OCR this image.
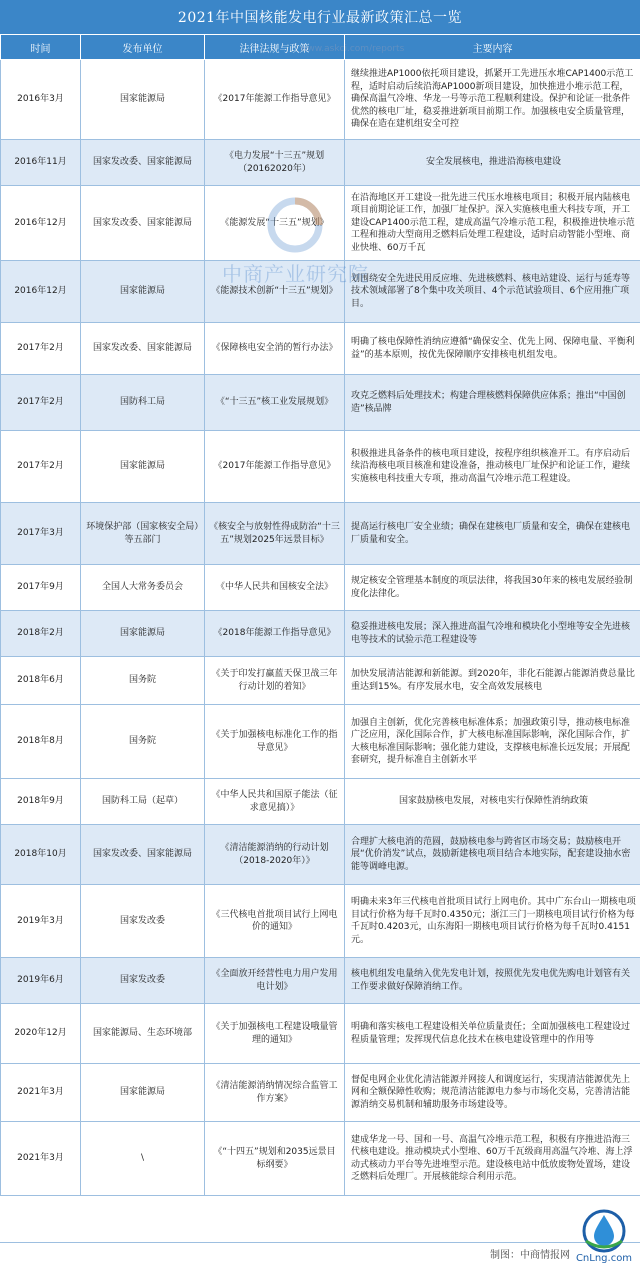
2021年中国核能发电行业最新政策汇总一览
时间	发布单位	法律法规与政策	主要内容
2016年3月	国家能源局	《2017年能源工作指导意见》	继续推进AP1000依托项目建设，抓紧开工先进压水堆CAP1400示范工程，适时启动后续沿海AP1000新项目建设，加快推进小堆示范工程，确保高温气冷堆、华龙一号等示范工程顺利建设。保护和论证一批条件优然的核电厂址，稳妥推进新项目前期工作。加强核电安全质量管理，确保在造在建机组安全可控
2016年11月	国家发改委、国家能源局	《电力发展“十三五”规划（20162020年）	安全发展核电，推进沿海核电建设
2016年12月	国家发改委、国家能源局	《能源发展“十三五”规划》	在沿海地区开工建设一批先进三代压水堆核电项目；积极开展内陆核电项目前期论证工作，加强厂址保护。深入实施核电重大科技专项，开工建设CAP1400示范工程，建成高温气冷堆示范工程，积极推进快堆示范工程和推动大型商用乏燃料后处理工程建设，适时启动智能小型堆、商业快堆、60万千瓦
2016年12月	国家能源局	《能源技术创新“十三五”规划》	划围绕安全先进民用反应堆、先进核燃料、核电站建设、运行与延寿等技术领域部署了8个集中攻关项目、4个示范试验项目、6个应用推广项目。
2017年2月	国家发改委、国家能源局	《保障核电安全消的暂行办法》	明确了核电保障性消纳应遵循“确保安全、优先上网、保障电量、平衡利益”的基本原则，按优先保障顺序安排核电机组发电。
2017年2月	国防科工局	《“十三五”核工业发展规划》	攻克乏燃料后处理技术；构建合理核燃料保障供应体系；推出“中国创造”核品牌
2017年2月	国家能源局	《2017年能源工作指导意见》	积极推进具备条件的核电项目建设，按程序组织核准开工。有序启动后续沿海核电项目核准和建设准备，推动核电厂址保护和论证工作，避续实施核电科技重大专项，推动高温气冷堆示范工程建设。
2017年3月	环境保护部（国家核安全局）等五部门	《核安全与放射性得成防治“十三五”规划2025年远景目标》	提高运行核电厂安全业绩；确保在建核电厂质量和安全，确保在建核电厂质量和安全。
2017年9月	全国人大常务委员会	《中华人民共和国核安全法》	规定核安全管理基本制度的项层法律，将我国30年来的核电发展经验制度化法律化。
2018年2月	国家能源局	《2018年能源工作指导意见》	稳妥推进核电发展；深入推进高温气冷堆和模块化小型堆等安全先进核电等技术的试验示范工程建设等
2018年6月	国务院	《关于印发打赢蓝天保卫战三年行动计划的着知》	加快发展清洁能源和新能源。到2020年，非化石能源占能源消费总量比重达到15%。有序发展水电，安全高效发展核电
2018年8月	国务院	《关于加强核电标准化工作的指导意见》	加强自主创新，优化完善核电标准体系；加强政策引导，推动核电标准广泛应用，深化国际合作，扩大核电标准国际影响，深化国际合作，扩大核电标准国际影响；强化能力建设，支撑核电标准长远发展；开展配套研究，提升标准自主创新水平
2018年9月	国防科工局（起草）	《中华人民共和国原子能法（征求意见搞）》	国家鼓励核电发展，对核电实行保障性消纳政策
2018年10月	国家发改委、国家能源局	《清洁能源消纳的行动计划（2018-2020年）》	合理扩大核电消的范圆，鼓励核电参与跨省区市场交易；鼓励核电开展“优价消发”试点，鼓励新建核电项目结合本地实际，配套建设抽水密能等调峰电源。
2019年3月	国家发改委	《三代核电首批项目试行上网电价的通知》	明确未来3年三代核电首批项目试行上网电价。其中广东台山一期核电项目试行价格为每千瓦时0.4350元；浙江三门一期核电项目试行价格为每千瓦时0.4203元，山东海阳一期核电项目试行价格为每千瓦时0.4151元。
2019年6月	国家发改委	《全面放开经营性电力用户发用电计划》	核电机组发电量纳入优先发电计划，按照优先发电优先购电计划管有关工作要求做好保障消纳工作。
2020年12月	国家能源局、生态环境部	《关于加强核电工程建设哦量管理的通知》	明确和落实核电工程建设相关单位质量责任；全面加强核电工程建设过程质量管理；发挥现代信息化技术在核电建设管理中的作用等
2021年3月	国家能源局	《清洁能源消纳情况综合监管工作方案》	督促电网企业优化清洁能源并网接人和调度运行，实现清洁能源优先上网和全额保障性收购；规范清洁能源电力参与市场化交易，完善清洁能源消纳交易机制和辅助服务市场建设等。
2021年3月	\	《“十四五”规划和2035远景目标纲要》	建成华龙一号、国和一号、高温气冷堆示范工程，积极有序推进沿海三代核电建设。推动模块式小型堆、60万千瓦级商用高温气冷堆、海上浮动式核动力平台等先进堆型示范。建设核电站中低放废物处置场，建设乏燃料后处理厂。开展核能综合利用示范。
www.askci.com/reports
中商产业研究院
制图：中商情报网 CnLng.com
